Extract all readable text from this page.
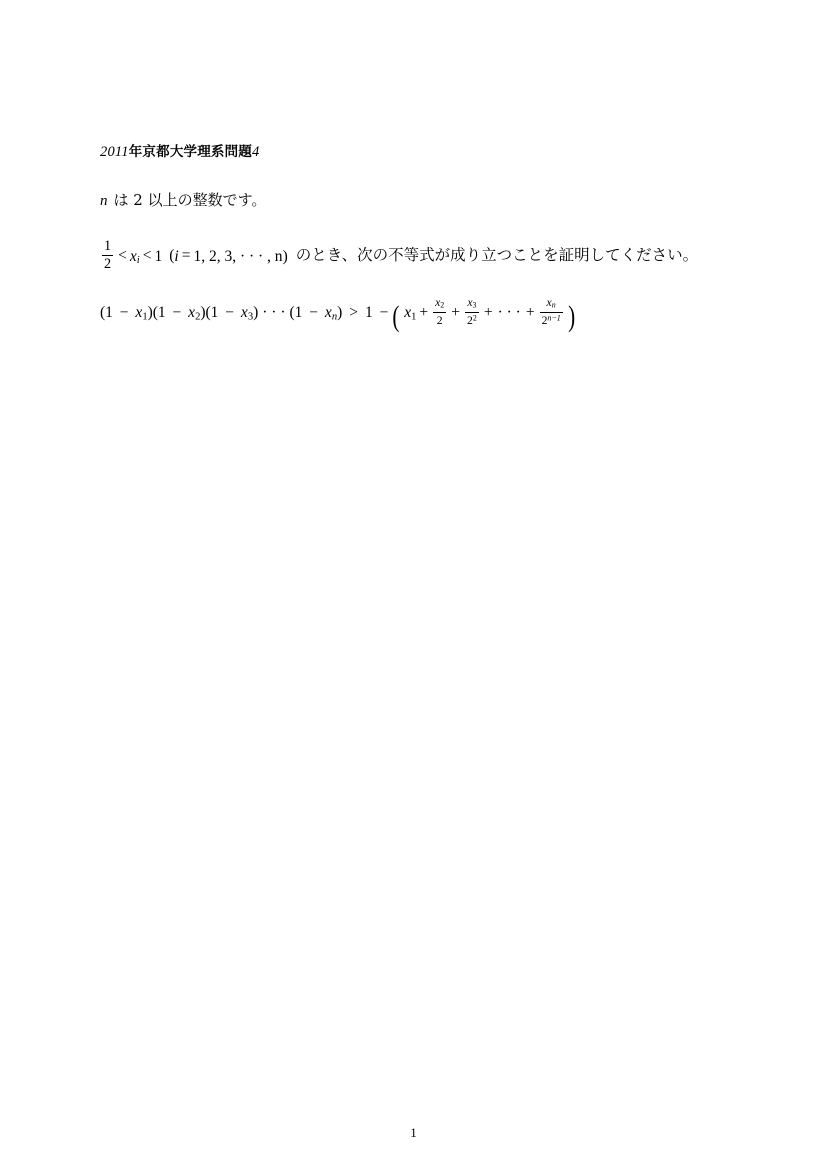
2011年京都大学理系問題4
n は 2 以上の整数です。
$\frac{1}{2} < x_i < 1$ (i = 1, 2, 3, · · · , n) のとき、次の不等式が成り立つことを証明してください。
$(1 - x_1)(1 - x_2)(1 - x_3)$ · · · $(1 - x_n) > 1$ − ( $x_1 + \frac{x_2}{2} + \frac{x_3}{2^2}$ + · · · + $\frac{x_n}{2^{n-1}}$ )
1
